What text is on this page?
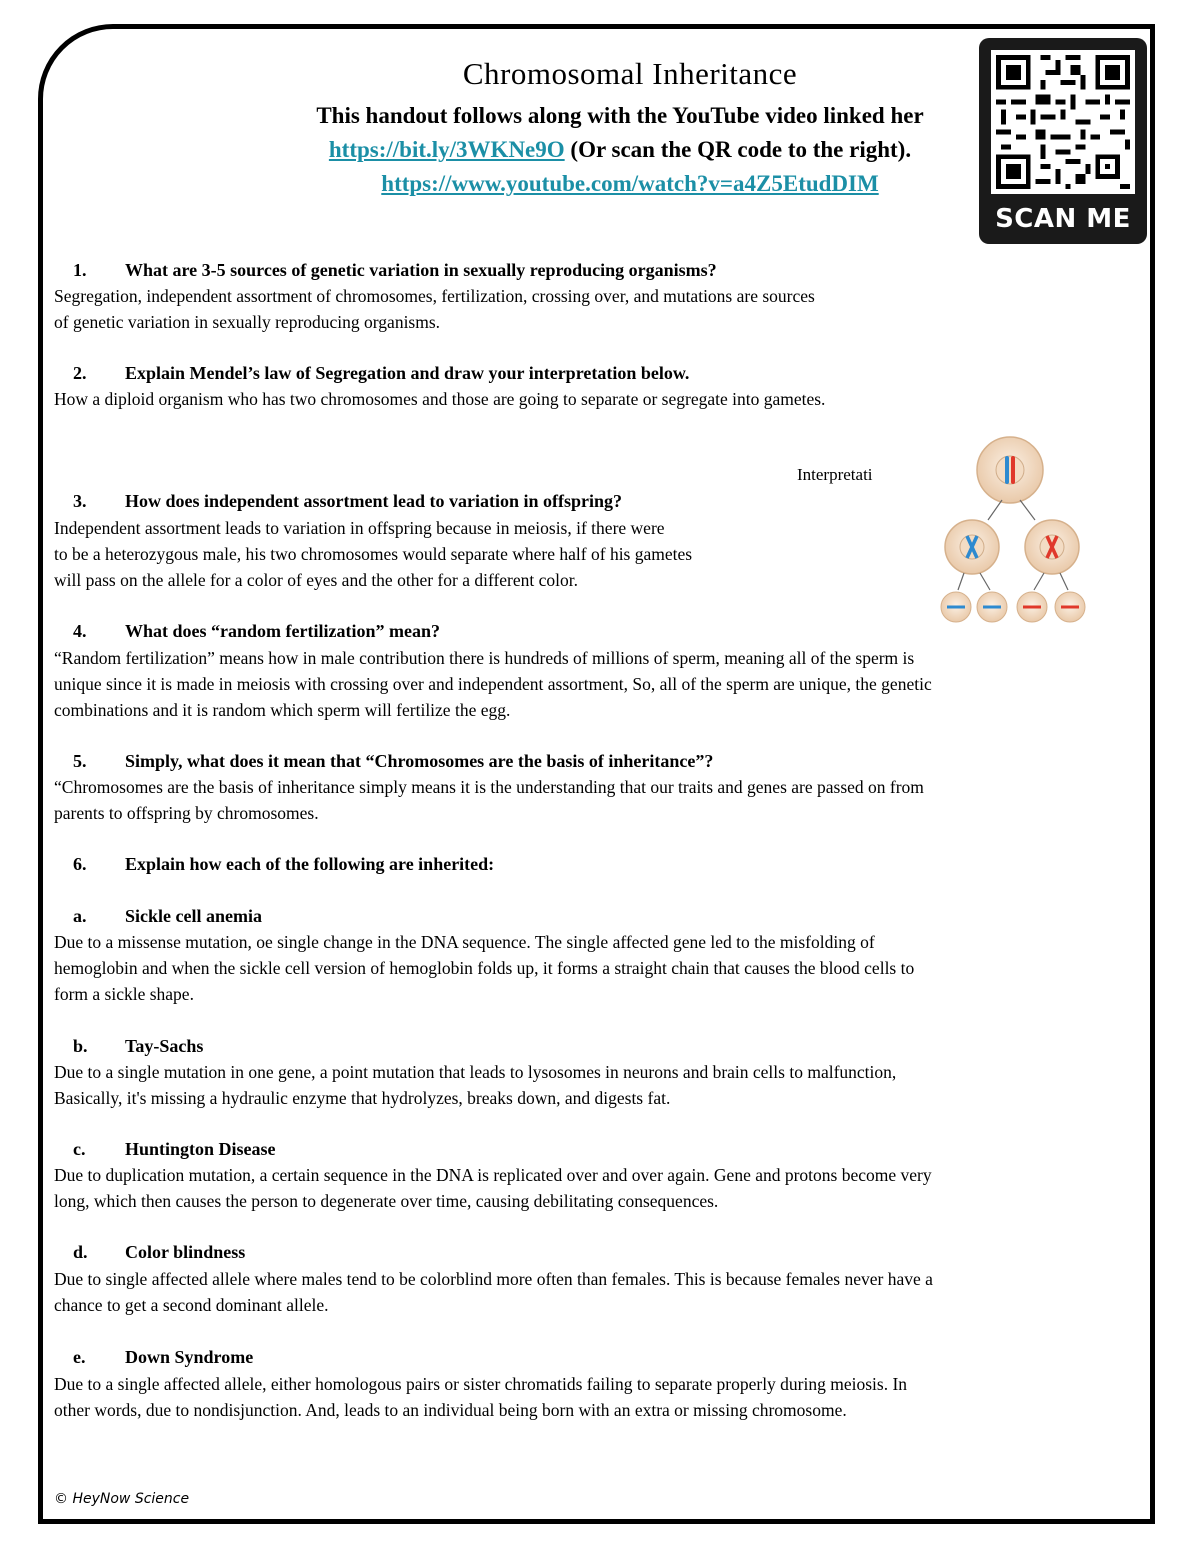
Chromosomal Inheritance
This handout follows along with the YouTube video linked her
https://bit.ly/3WKNe9O (Or scan the QR code to the right).
https://www.youtube.com/watch?v=a4Z5EtudDIM
SCAN ME
1. What are 3-5 sources of genetic variation in sexually reproducing organisms?
Segregation, independent assortment of chromosomes, fertilization, crossing over, and mutations are sources
of genetic variation in sexually reproducing organisms.
2. Explain Mendel’s law of Segregation and draw your interpretation below.
How a diploid organism who has two chromosomes and those are going to separate or segregate into gametes.
Interpretati
3. How does independent assortment lead to variation in offspring?
Independent assortment leads to variation in offspring because in meiosis, if there were
to be a heterozygous male, his two chromosomes would separate where half of his gametes
will pass on the allele for a color of eyes and the other for a different color.
4. What does “random fertilization” mean?
“Random fertilization” means how in male contribution there is hundreds of millions of sperm, meaning all of the sperm is
unique since it is made in meiosis with crossing over and independent assortment, So, all of the sperm are unique, the genetic
combinations and it is random which sperm will fertilize the egg.
5. Simply, what does it mean that “Chromosomes are the basis of inheritance”?
“Chromosomes are the basis of inheritance simply means it is the understanding that our traits and genes are passed on from
parents to offspring by chromosomes.
6. Explain how each of the following are inherited:
a. Sickle cell anemia
Due to a missense mutation, oe single change in the DNA sequence. The single affected gene led to the misfolding of
hemoglobin and when the sickle cell version of hemoglobin folds up, it forms a straight chain that causes the blood cells to
form a sickle shape.
b. Tay-Sachs
Due to a single mutation in one gene, a point mutation that leads to lysosomes in neurons and brain cells to malfunction,
Basically, it's missing a hydraulic enzyme that hydrolyzes, breaks down, and digests fat.
c. Huntington Disease
Due to duplication mutation, a certain sequence in the DNA is replicated over and over again. Gene and protons become very
long, which then causes the person to degenerate over time, causing debilitating consequences.
d. Color blindness
Due to single affected allele where males tend to be colorblind more often than females. This is because females never have a
chance to get a second dominant allele.
e. Down Syndrome
Due to a single affected allele, either homologous pairs or sister chromatids failing to separate properly during meiosis. In
other words, due to nondisjunction. And, leads to an individual being born with an extra or missing chromosome.
© HeyNow Science
